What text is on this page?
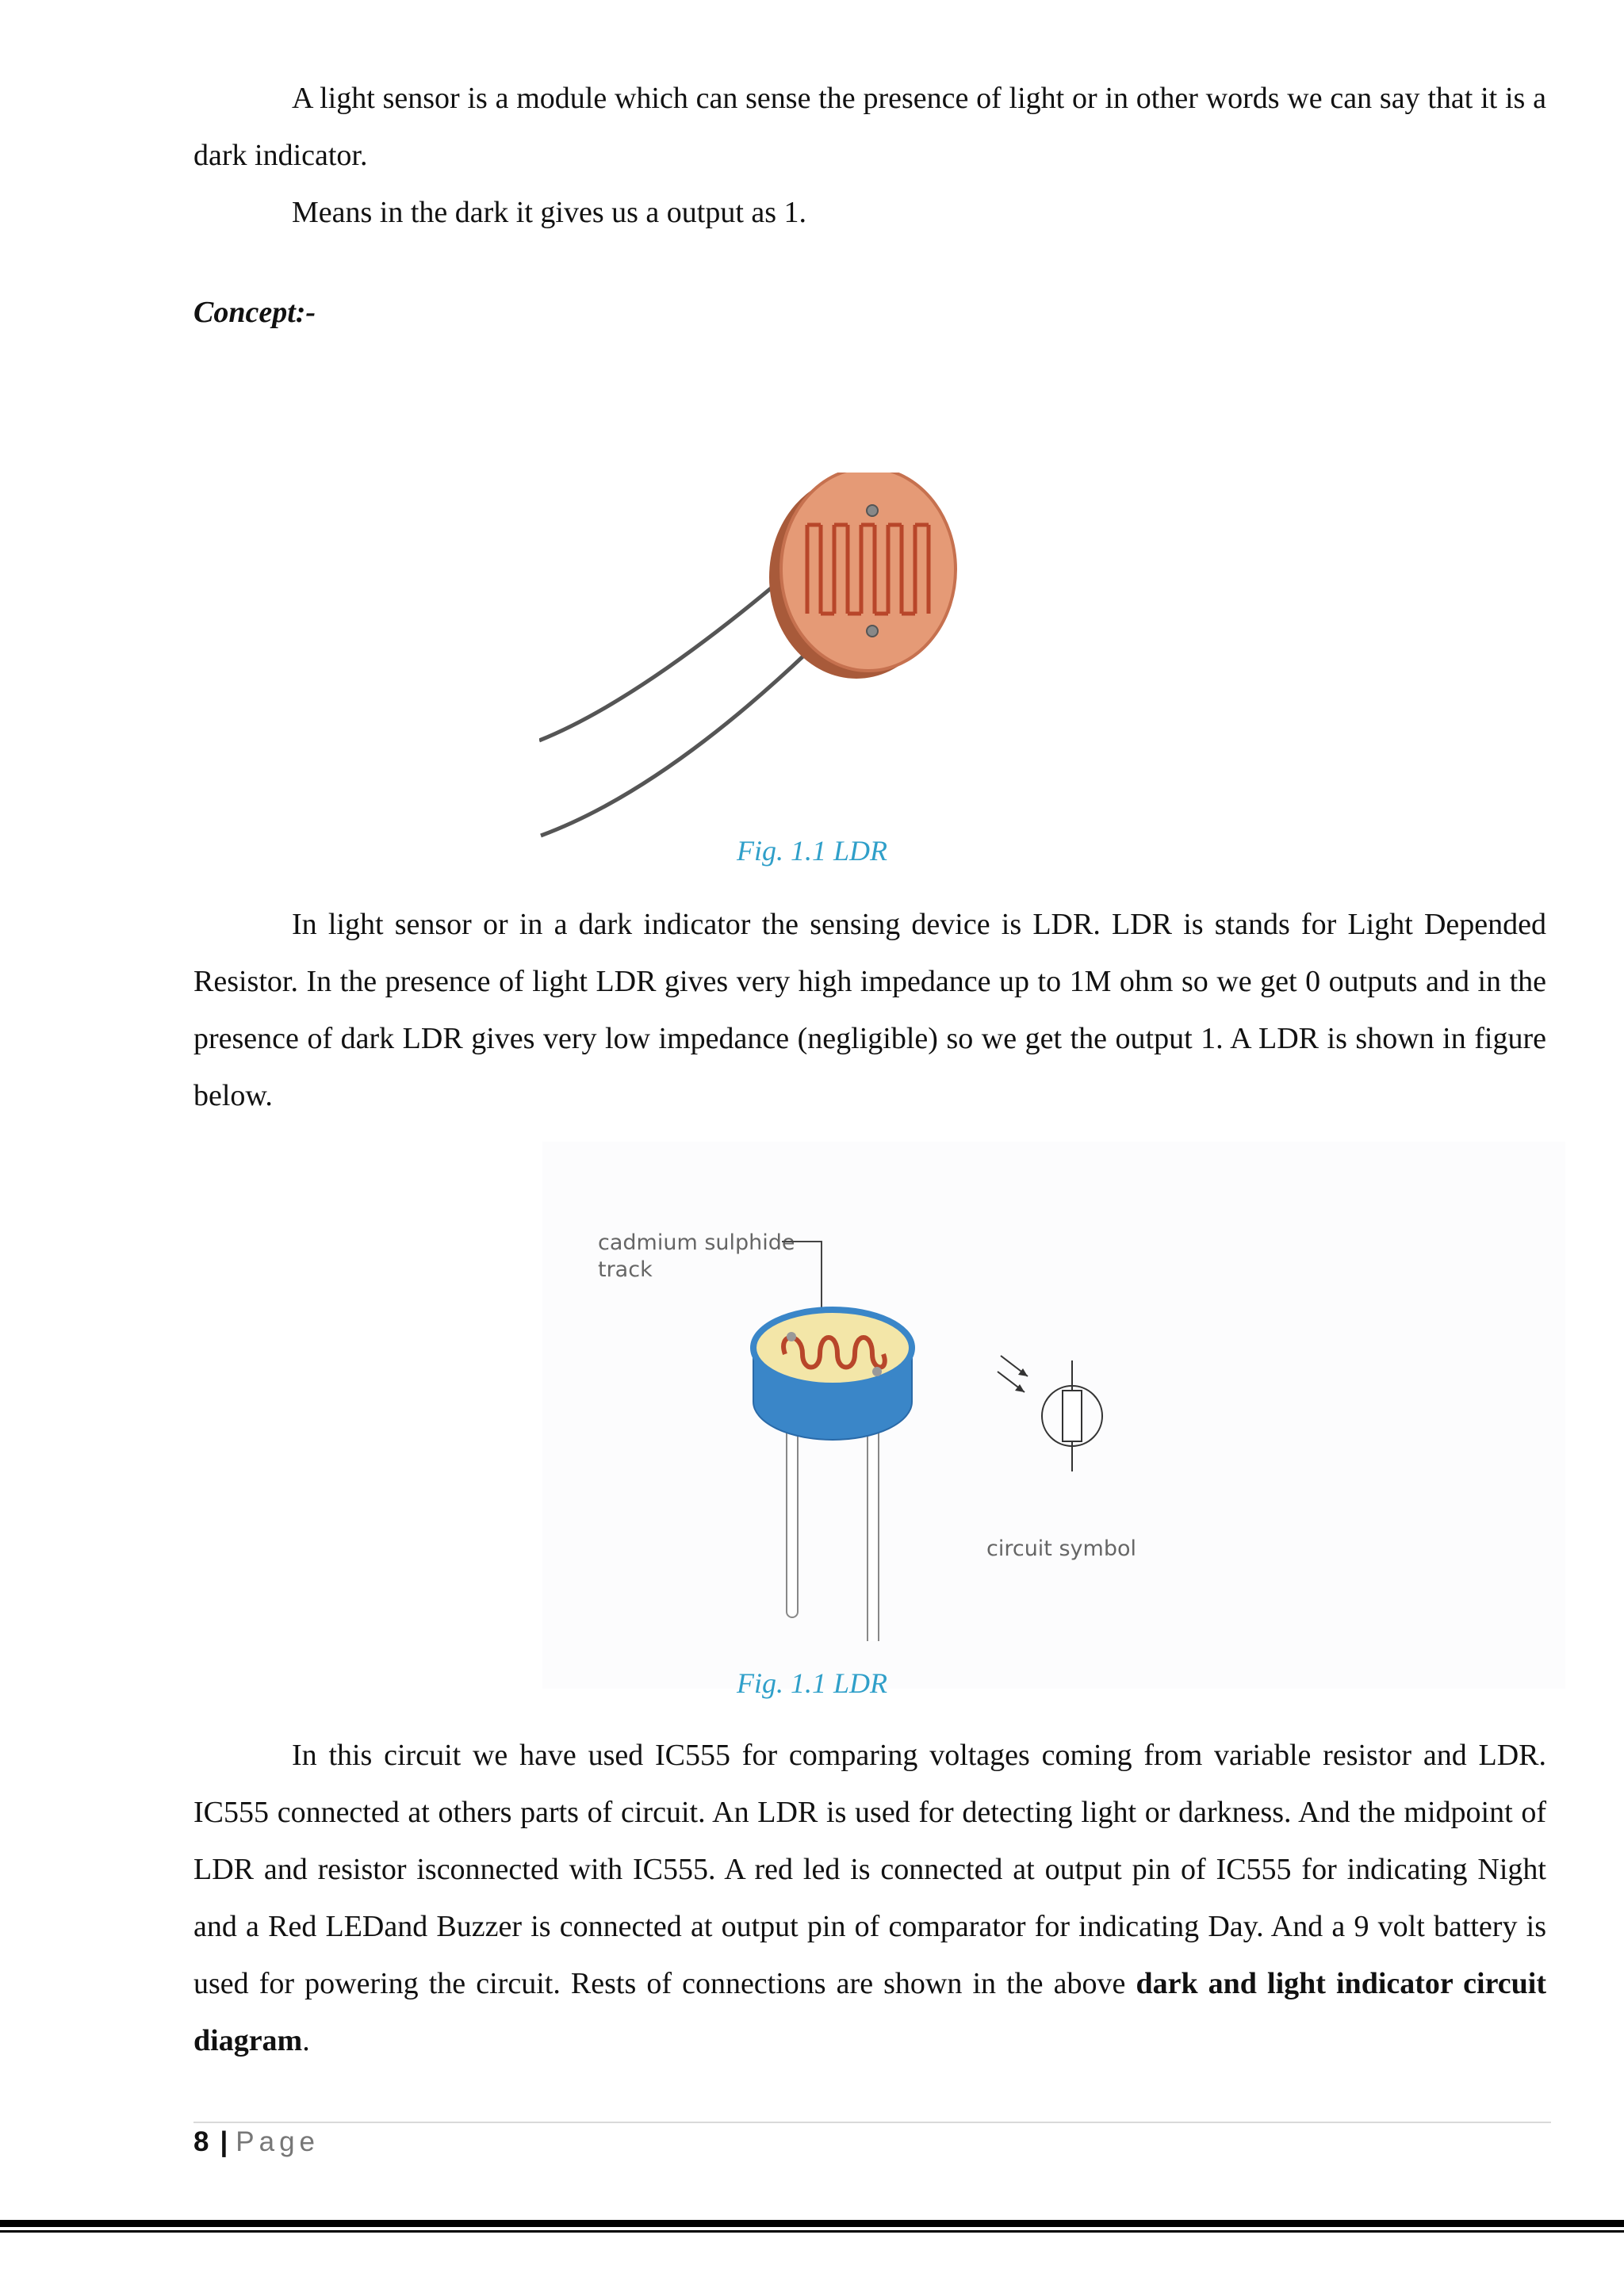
A light sensor is a module which can sense the presence of light or in other words we can say that it is a dark indicator.

Means in the dark it gives us a output as 1.

Concept:-

Fig. 1.1 LDR

In light sensor or in a dark indicator the sensing device is LDR. LDR is stands for Light Depended Resistor. In the presence of light LDR gives very high impedance up to 1M ohm so we get 0 outputs and in the presence of dark LDR gives very low impedance (negligible) so we get the output 1. A LDR is shown in figure below.

cadmium sulphide
track
circuit symbol

Fig. 1.1 LDR

In this circuit we have used IC555 for comparing voltages coming from variable resistor and LDR. IC555 connected at others parts of circuit. An LDR is used for detecting light or darkness. And the midpoint of LDR and resistor isconnected with IC555. A red led is connected at output pin of IC555 for indicating Night and a Red LEDand Buzzer is connected at output pin of comparator for indicating Day. And a 9 volt battery is used for powering the circuit. Rests of connections are shown in the above dark and light indicator circuit diagram.

8 | Page
